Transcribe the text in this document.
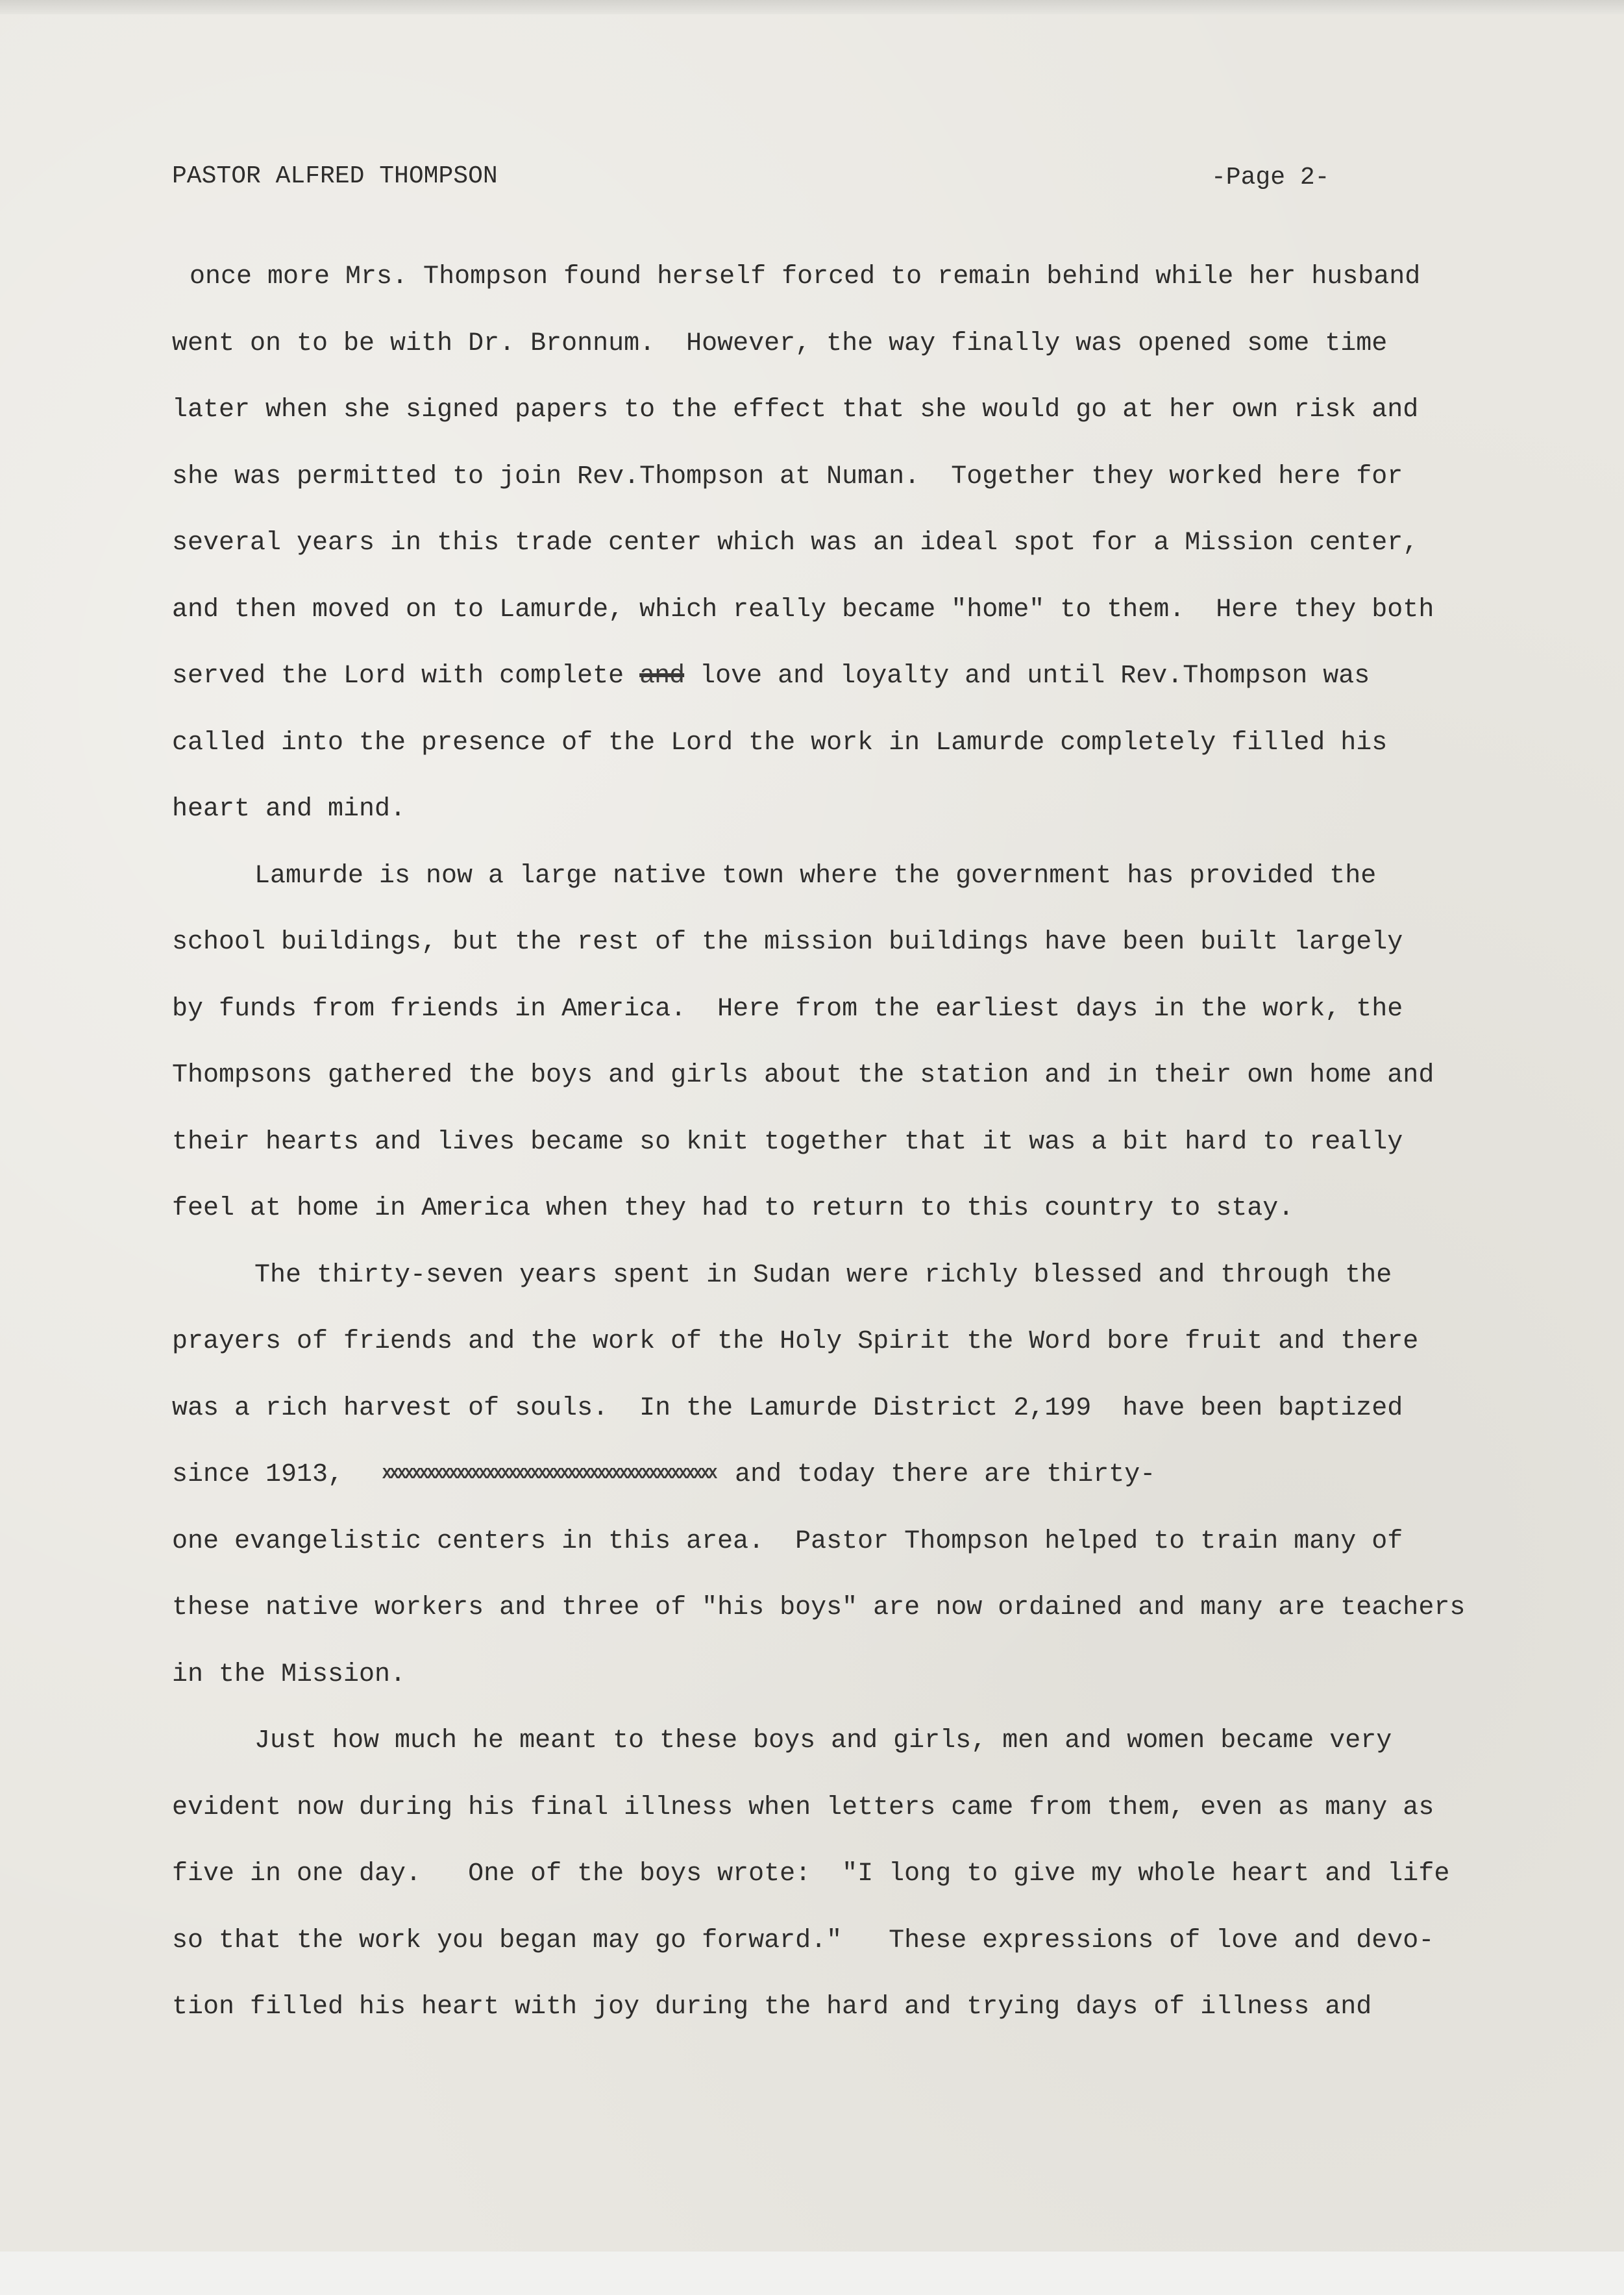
PASTOR ALFRED THOMPSON	-Page 2-
once more Mrs. Thompson found herself forced to remain behind while her husband
went on to be with Dr. Bronnum.  However, the way finally was opened some time
later when she signed papers to the effect that she would go at her own risk and
she was permitted to join Rev.Thompson at Numan.  Together they worked here for
several years in this trade center which was an ideal spot for a Mission center,
and then moved on to Lamurde, which really became "home" to them.  Here they both
served the Lord with complete and love and loyalty and until Rev.Thompson was
called into the presence of the Lord the work in Lamurde completely filled his
heart and mind.
Lamurde is now a large native town where the government has provided the
school buildings, but the rest of the mission buildings have been built largely
by funds from friends in America.  Here from the earliest days in the work, the
Thompsons gathered the boys and girls about the station and in their own home and
their hearts and lives became so knit together that it was a bit hard to really
feel at home in America when they had to return to this country to stay.
The thirty-seven years spent in Sudan were richly blessed and through the
prayers of friends and the work of the Holy Spirit the Word bore fruit and there
was a rich harvest of souls.  In the Lamurde District 2,199  have been baptized
since 1913,	XXXXXXXXXXXXXXXXXXXXXXXXXXXXXXXXXXXXXXXXXXXXX and today there are thirty-
one evangelistic centers in this area.  Pastor Thompson helped to train many of
these native workers and three of "his boys" are now ordained and many are teachers
in the Mission.
Just how much he meant to these boys and girls, men and women became very
evident now during his final illness when letters came from them, even as many as
five in one day.   One of the boys wrote:  "I long to give my whole heart and life
so that the work you began may go forward."   These expressions of love and devo-
tion filled his heart with joy during the hard and trying days of illness and
